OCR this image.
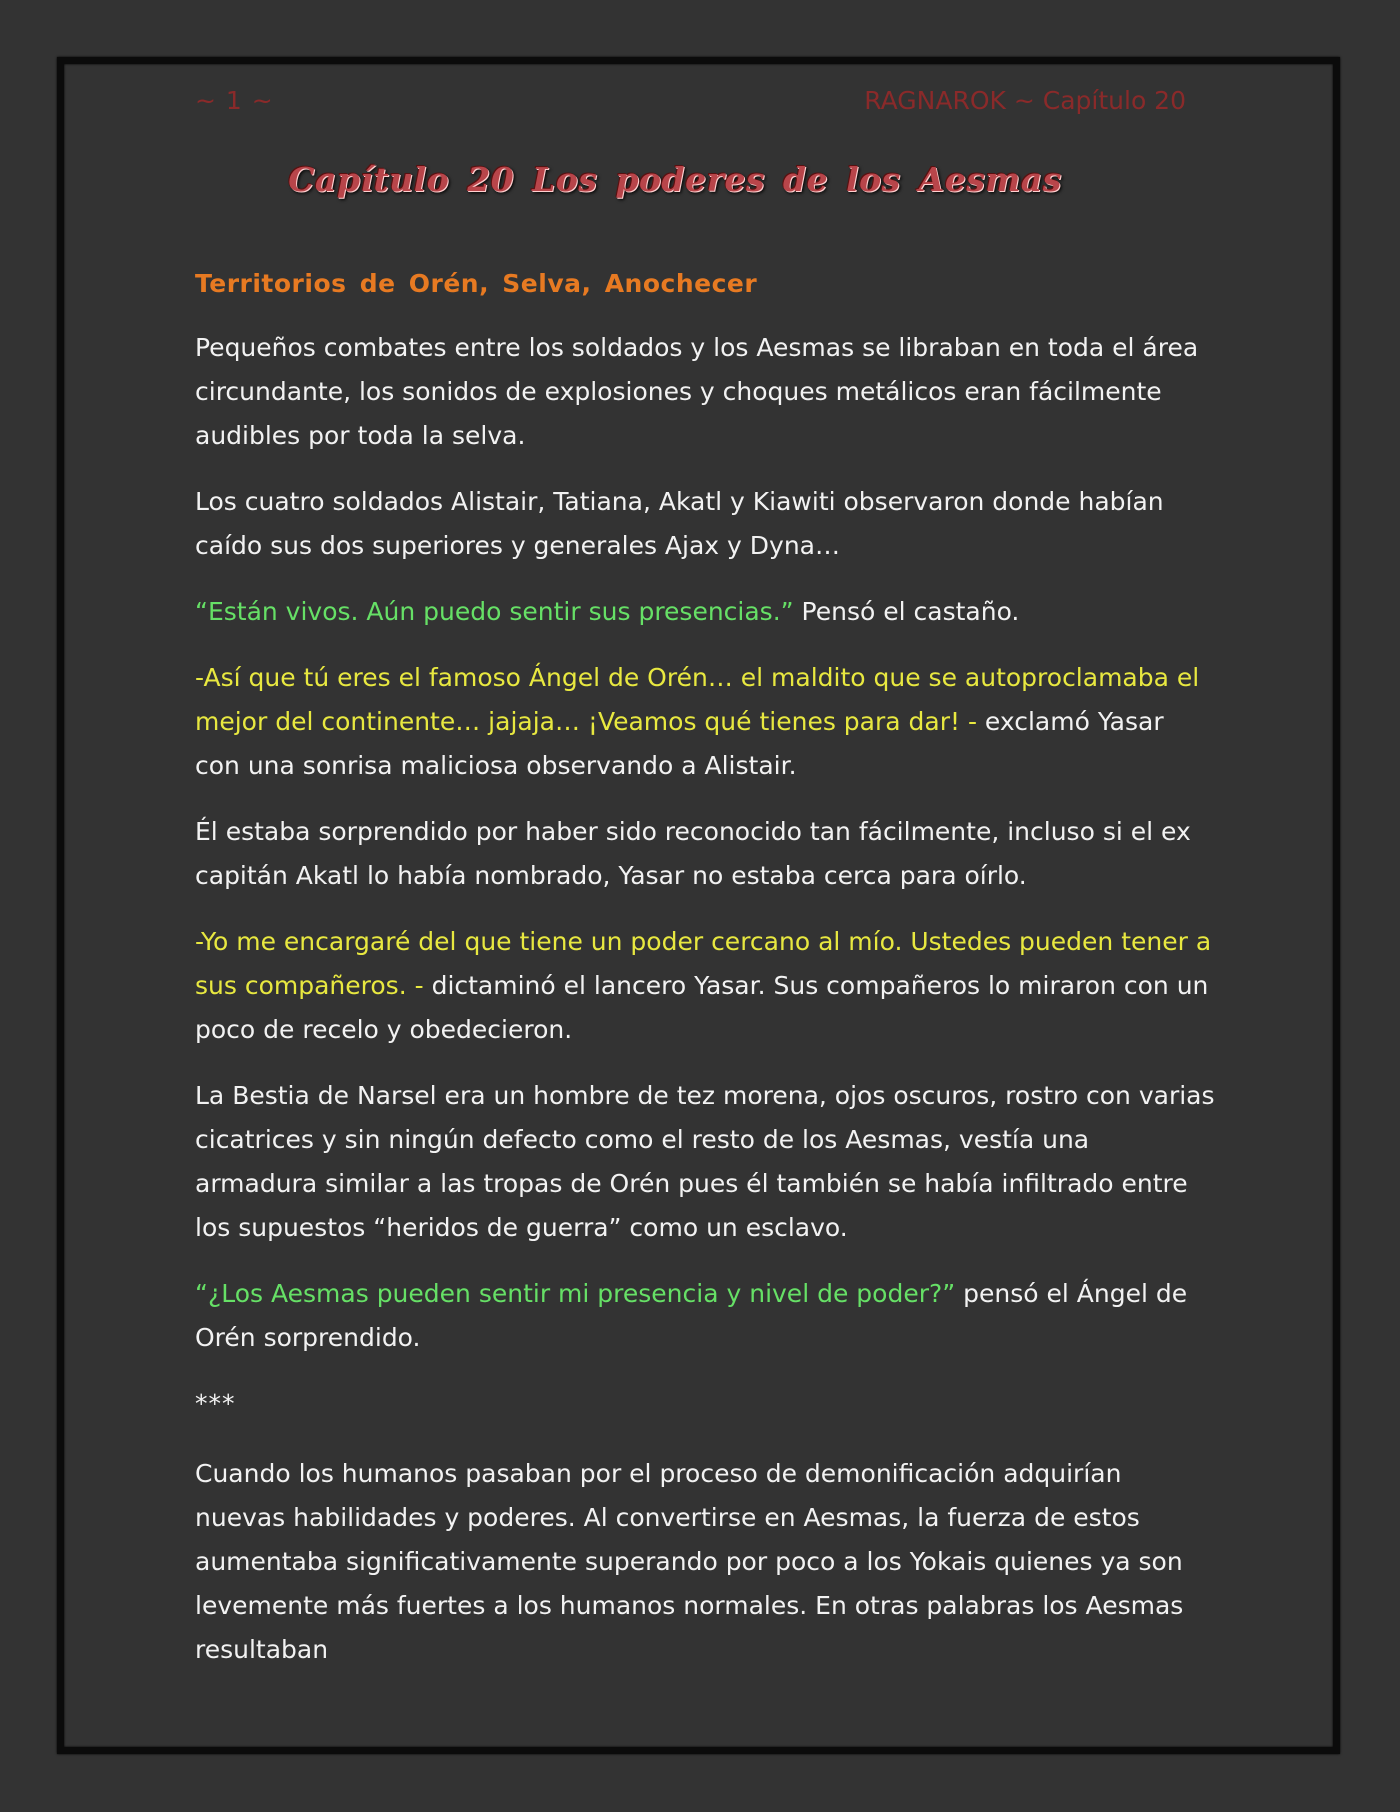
~ 1 ~	RAGNAROK ~ Capítulo 20
Capítulo 20 Los poderes de los Aesmas

Territorios de Orén, Selva, Anochecer

Pequeños combates entre los soldados y los Aesmas se libraban en toda el área circundante, los sonidos de explosiones y choques metálicos eran fácilmente audibles por toda la selva.

Los cuatro soldados Alistair, Tatiana, Akatl y Kiawiti observaron donde habían caído sus dos superiores y generales Ajax y Dyna…

“Están vivos. Aún puedo sentir sus presencias.” Pensó el castaño.

-Así que tú eres el famoso Ángel de Orén… el maldito que se autoproclamaba el mejor del continente… jajaja… ¡Veamos qué tienes para dar! - exclamó Yasar con una sonrisa maliciosa observando a Alistair.

Él estaba sorprendido por haber sido reconocido tan fácilmente, incluso si el ex capitán Akatl lo había nombrado, Yasar no estaba cerca para oírlo.

-Yo me encargaré del que tiene un poder cercano al mío. Ustedes pueden tener a sus compañeros. - dictaminó el lancero Yasar. Sus compañeros lo miraron con un poco de recelo y obedecieron.

La Bestia de Narsel era un hombre de tez morena, ojos oscuros, rostro con varias cicatrices y sin ningún defecto como el resto de los Aesmas, vestía una armadura similar a las tropas de Orén pues él también se había infiltrado entre los supuestos “heridos de guerra” como un esclavo.

“¿Los Aesmas pueden sentir mi presencia y nivel de poder?” pensó el Ángel de Orén sorprendido.

***

Cuando los humanos pasaban por el proceso de demonificación adquirían nuevas habilidades y poderes. Al convertirse en Aesmas, la fuerza de estos aumentaba significativamente superando por poco a los Yokais quienes ya son levemente más fuertes a los humanos normales. En otras palabras los Aesmas resultaban
